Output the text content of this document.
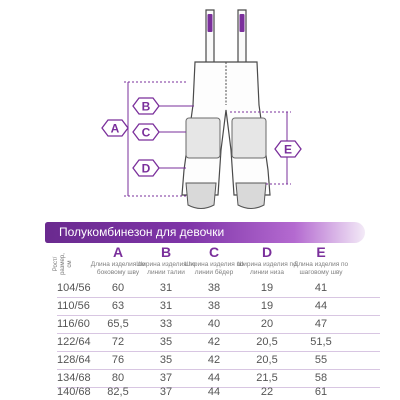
A
B
C
D
E
Полукомбинезон для девочки
Рост/ размер, см
A	B	C	D	E
Длина изделия по боковому шву
Ширина изделия по линии талии
Ширина изделия по линии бёдер
Ширина изделия по линии низа
Длина изделия по шаговому шву
104/56	60	31	38	19	41
110/56	63	31	38	19	44
116/60	65,5	33	40	20	47
122/64	72	35	42	20,5	51,5
128/64	76	35	42	20,5	55
134/68	80	37	44	21,5	58
140/68	82,5	37	44	22	61
